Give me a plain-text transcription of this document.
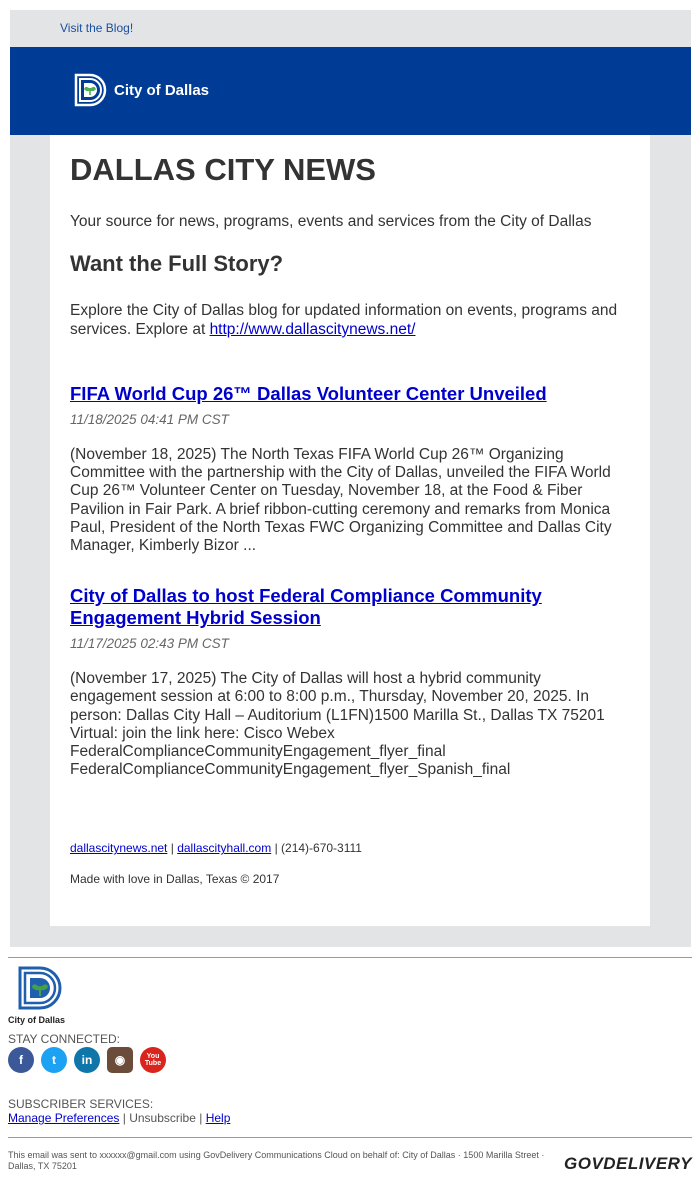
Visit the Blog!
City of Dallas
DALLAS CITY NEWS

Your source for news, programs, events and services from the City of Dallas

Want the Full Story?

Explore the City of Dallas blog for updated information on events, programs and services. Explore at http://www.dallascitynews.net/

FIFA World Cup 26™ Dallas Volunteer Center Unveiled
11/18/2025 04:41 PM CST
(November 18, 2025) The North Texas FIFA World Cup 26™ Organizing Committee with the partnership with the City of Dallas, unveiled the FIFA World Cup 26™ Volunteer Center on Tuesday, November 18, at the Food & Fiber Pavilion in Fair Park. A brief ribbon-cutting ceremony and remarks from Monica Paul, President of the North Texas FWC Organizing Committee and Dallas City Manager, Kimberly Bizor ...
City of Dallas to host Federal Compliance Community Engagement Hybrid Session
11/17/2025 02:43 PM CST
(November 17, 2025) The City of Dallas will host a hybrid community engagement session at 6:00 to 8:00 p.m., Thursday, November 20, 2025. In person: Dallas City Hall – Auditorium (L1FN)1500 Marilla St., Dallas TX 75201 Virtual: join the link here: Cisco Webex
FederalComplianceCommunityEngagement_flyer_final
FederalComplianceCommunityEngagement_flyer_Spanish_final
dallascitynews.net | dallascityhall.com | (214)-670-3111
Made with love in Dallas, Texas © 2017
City of Dallas
STAY CONNECTED:
f t in ◉	You Tube
SUBSCRIBER SERVICES:
Manage Preferences | Unsubscribe | Help
This email was sent to xxxxxx@gmail.com using GovDelivery Communications Cloud on behalf of: City of Dallas · 1500 Marilla Street · Dallas, TX 75201	GOVDELIVERY
